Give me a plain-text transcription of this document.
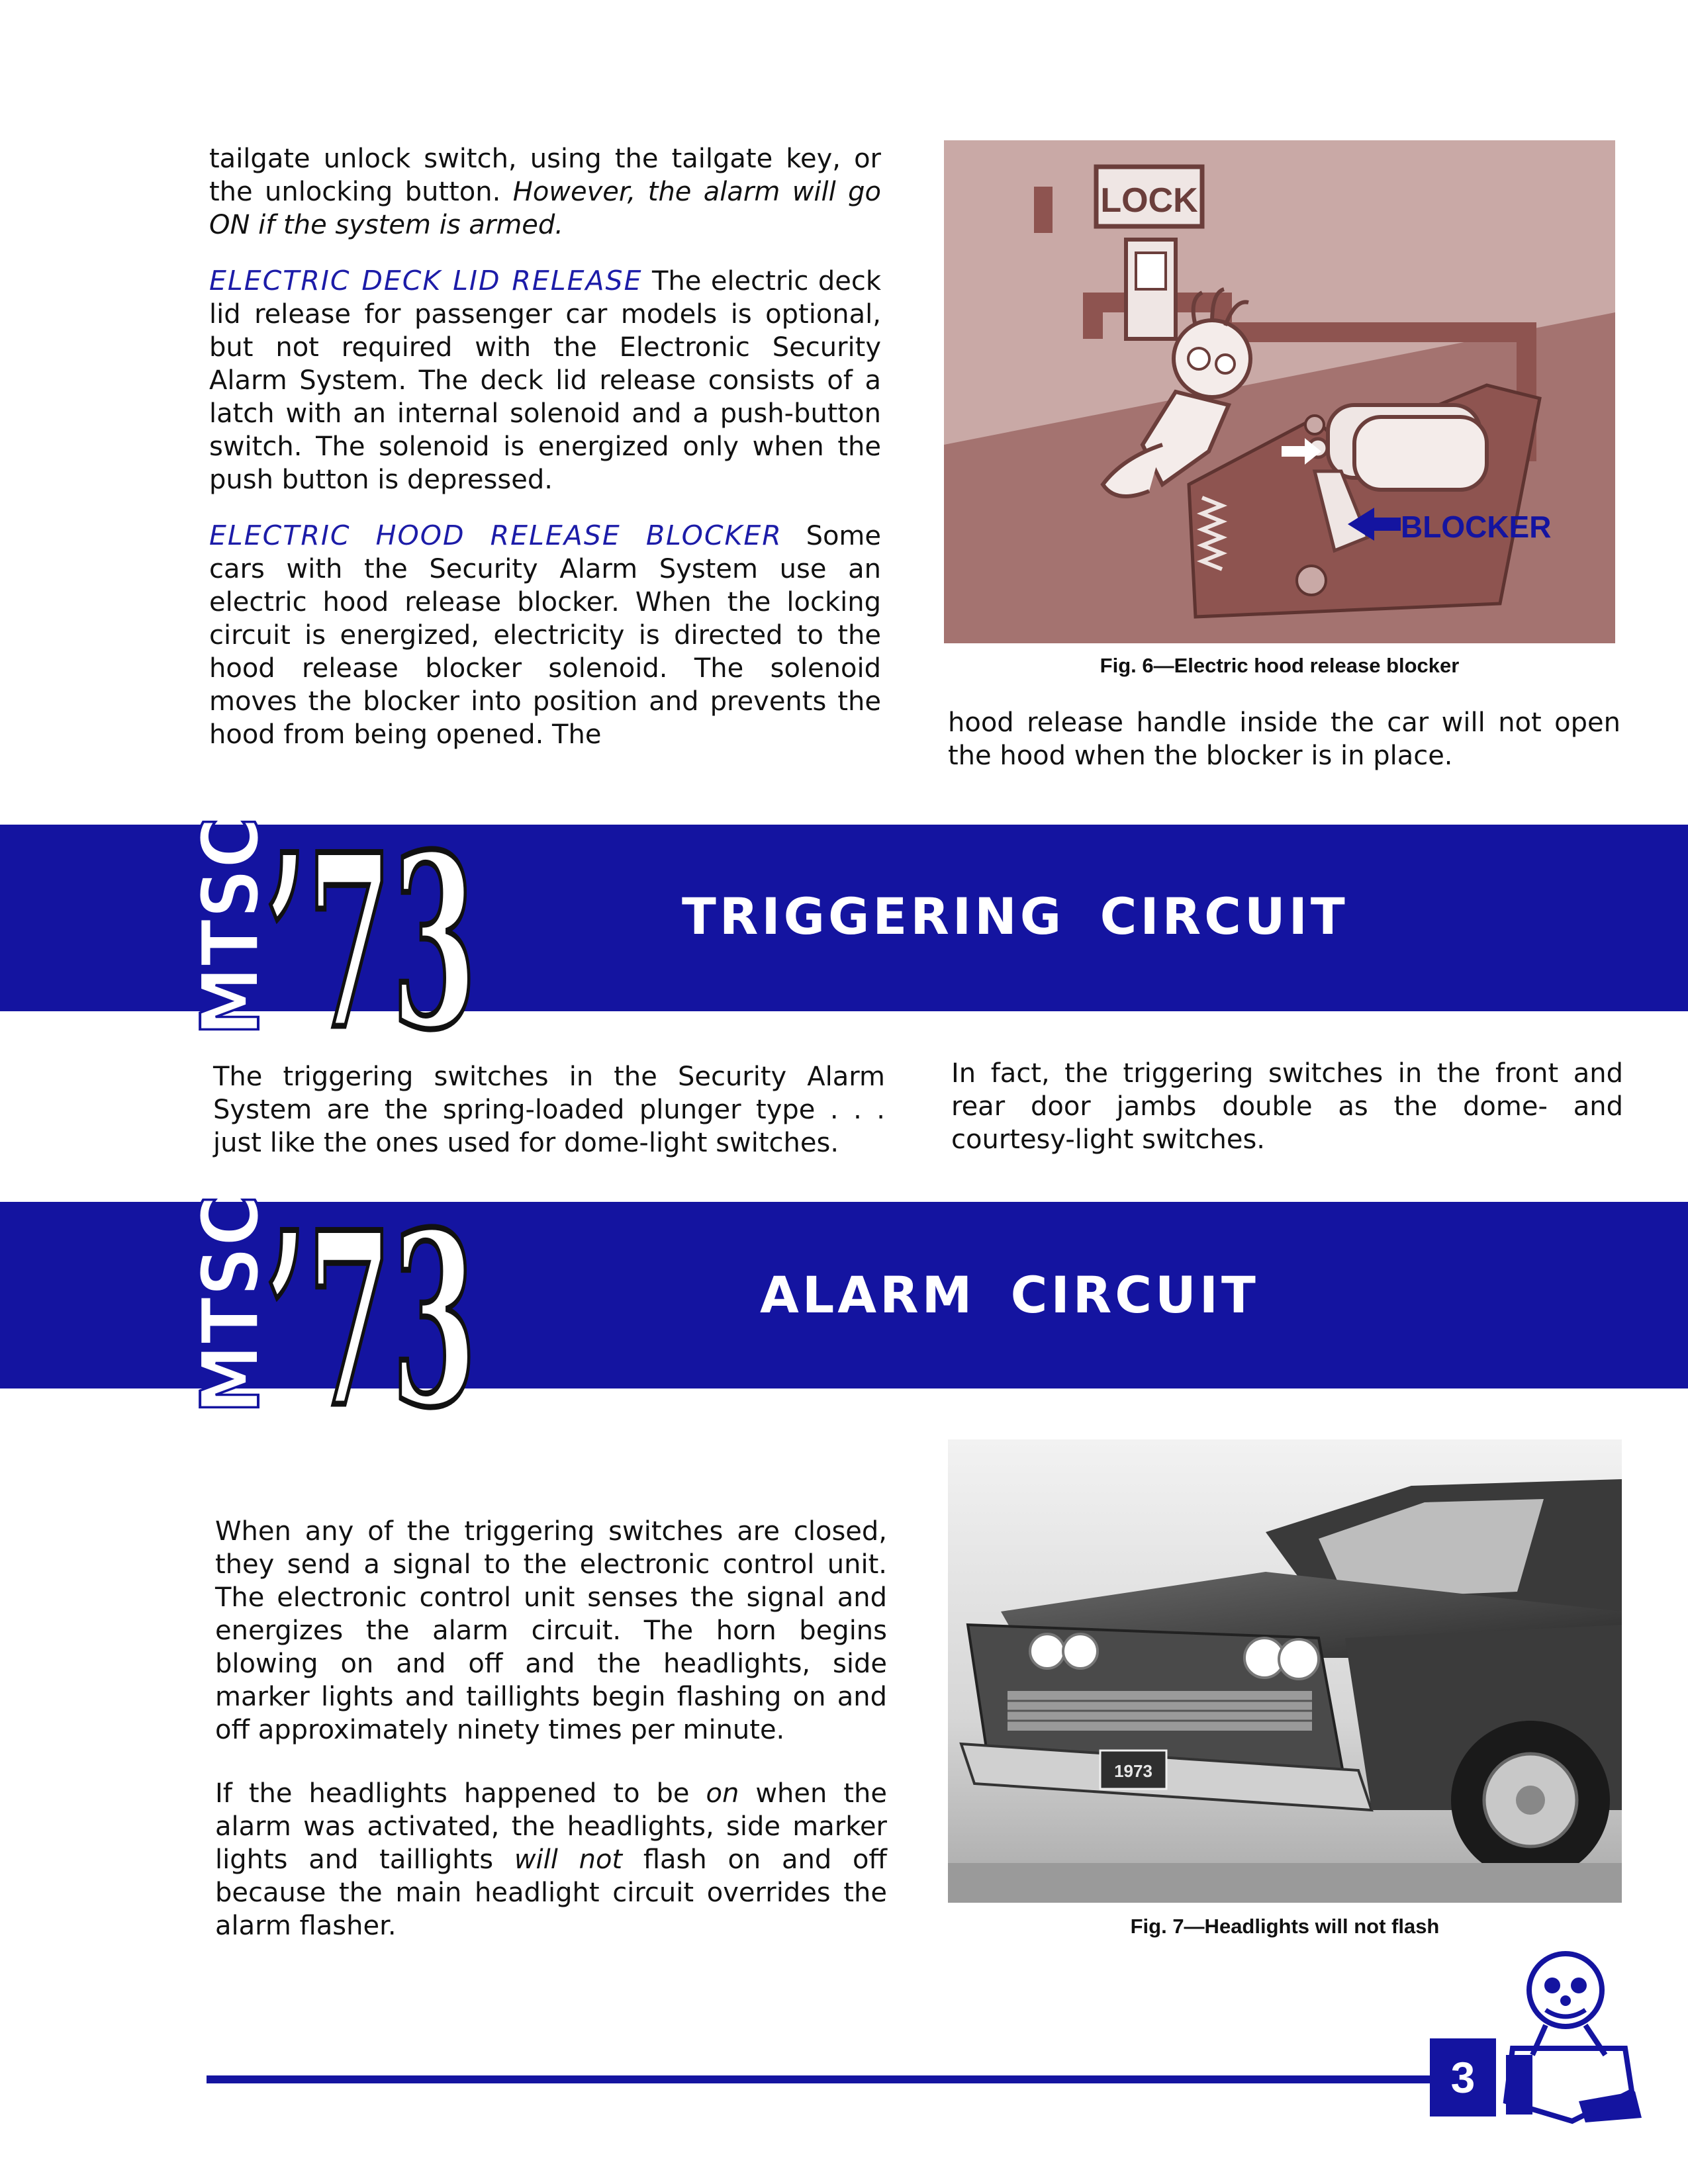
tailgate unlock switch, using the tailgate key, or the unlocking button. However, the alarm will go ON if the system is armed.

ELECTRIC DECK LID RELEASE The electric deck lid release for passenger car models is optional, but not required with the Electronic Security Alarm System. The deck lid release consists of a latch with an internal solenoid and a push-button switch. The solenoid is energized only when the push button is depressed.

ELECTRIC HOOD RELEASE BLOCKER Some cars with the Security Alarm System use an electric hood release blocker. When the locking circuit is energized, electricity is directed to the hood release blocker solenoid. The solenoid moves the blocker into position and prevents the hood from being opened. The

LOCK
BLOCKER
Fig. 6—Electric hood release blocker

hood release handle inside the car will not open the hood when the blocker is in place.

TRIGGERING CIRCUIT
MTSC
’73

The triggering switches in the Security Alarm System are the spring-loaded plunger type . . . just like the ones used for dome-light switches.

In fact, the triggering switches in the front and rear door jambs double as the dome- and courtesy-light switches.

ALARM CIRCUIT
MTSC
’73

When any of the triggering switches are closed, they send a signal to the electronic control unit. The electronic control unit senses the signal and energizes the alarm circuit. The horn begins blowing on and off and the headlights, side marker lights and taillights begin flashing on and off approximately ninety times per minute.

If the headlights happened to be on when the alarm was activated, the headlights, side marker lights and taillights will not flash on and off because the main headlight circuit overrides the alarm flasher.

1973
Fig. 7—Headlights will not flash
3
